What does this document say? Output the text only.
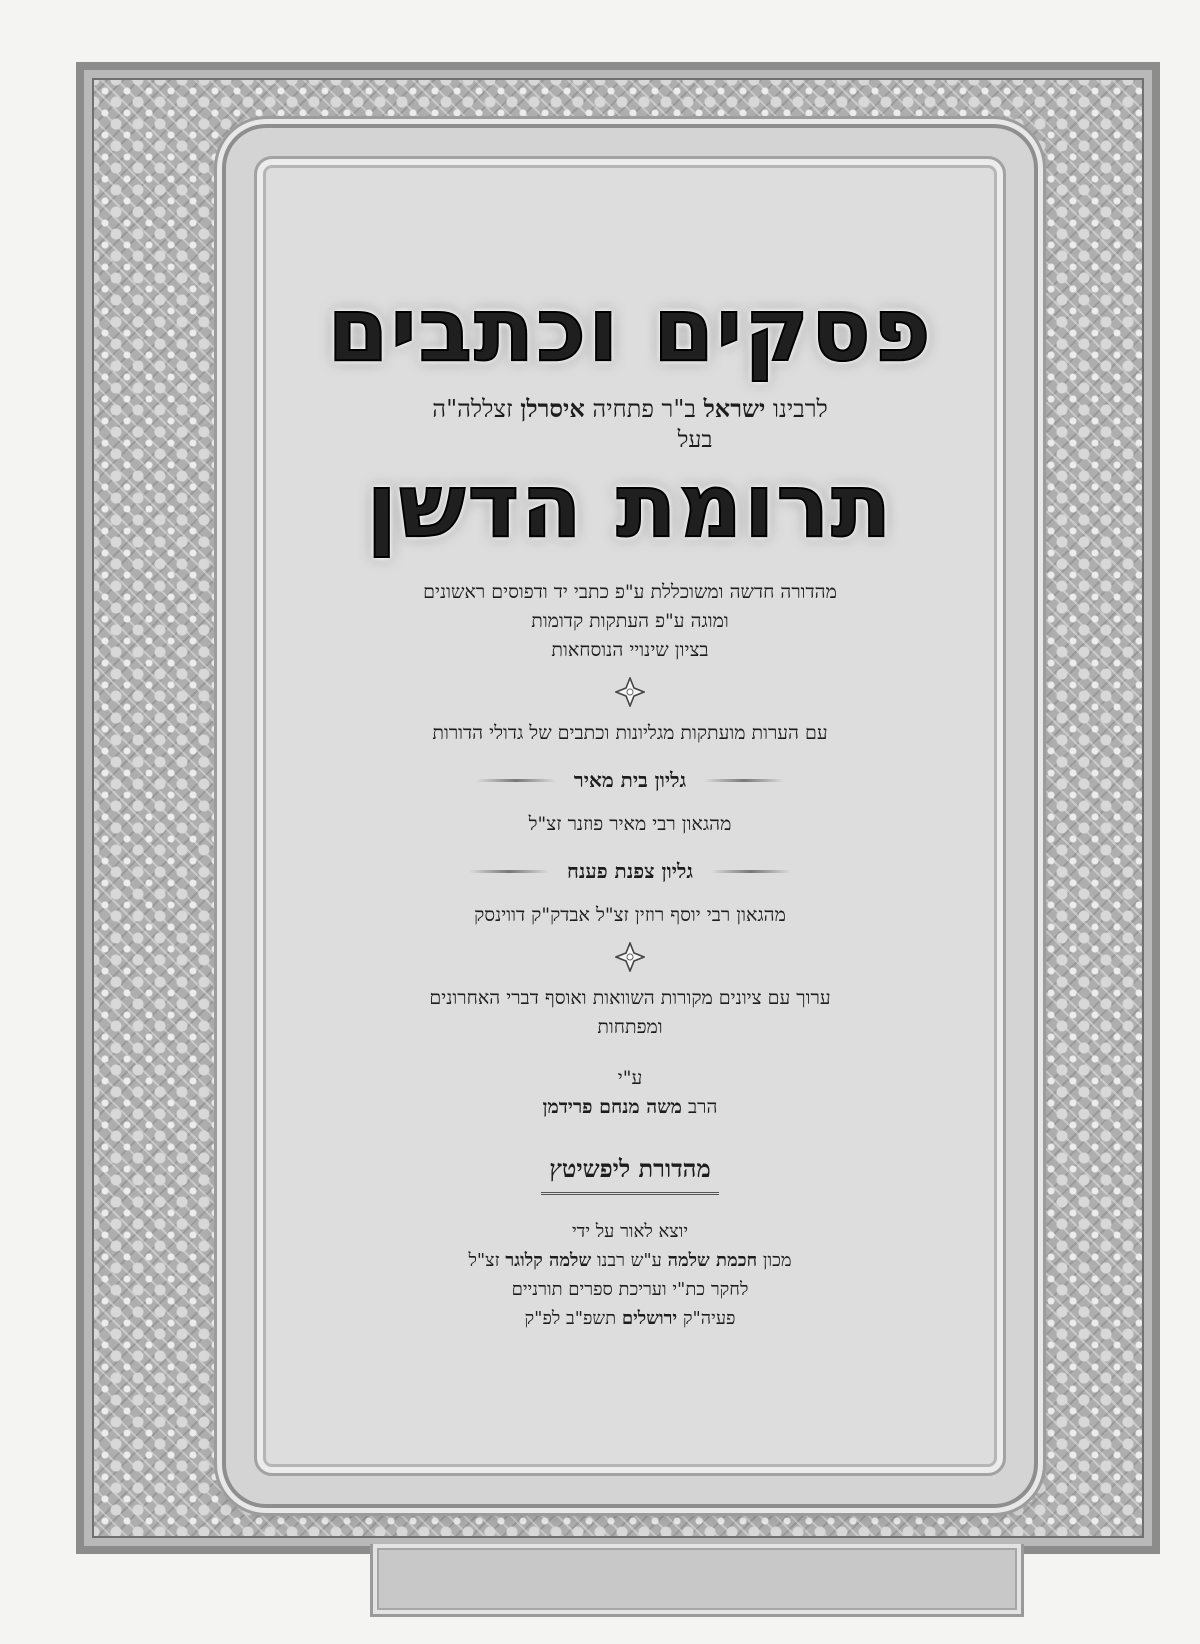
פסקים וכתבים
לרבינו ישראל ב"ר פתחיה איסרלן זצללה"ה
בעל
תרומת הדשן
מהדורה חדשה ומשוכללת ע"פ כתבי יד ודפוסים ראשונים
ומוגה ע"פ העתקות קדומות
בציון שינויי הנוסחאות
עם הערות מועתקות מגליונות וכתבים של גדולי הדורות
גליון בית מאיר
מהגאון רבי מאיר פוזנר זצ"ל
גליון צפנת פענח
מהגאון רבי יוסף רוזין זצ"ל אבדק"ק דווינסק
ערוך עם ציונים מקורות השוואות ואוסף דברי האחרונים
ומפתחות
ע"י
הרב משה מנחם פרידמן
מהדורת ליפשיטץ
יוצא לאור על ידי
מכון חכמת שלמה ע"ש רבנו שלמה קלוגר זצ"ל
לחקר כת"י ועריכת ספרים תורניים
פעיה"ק ירושלים תשפ"ב לפ"ק
